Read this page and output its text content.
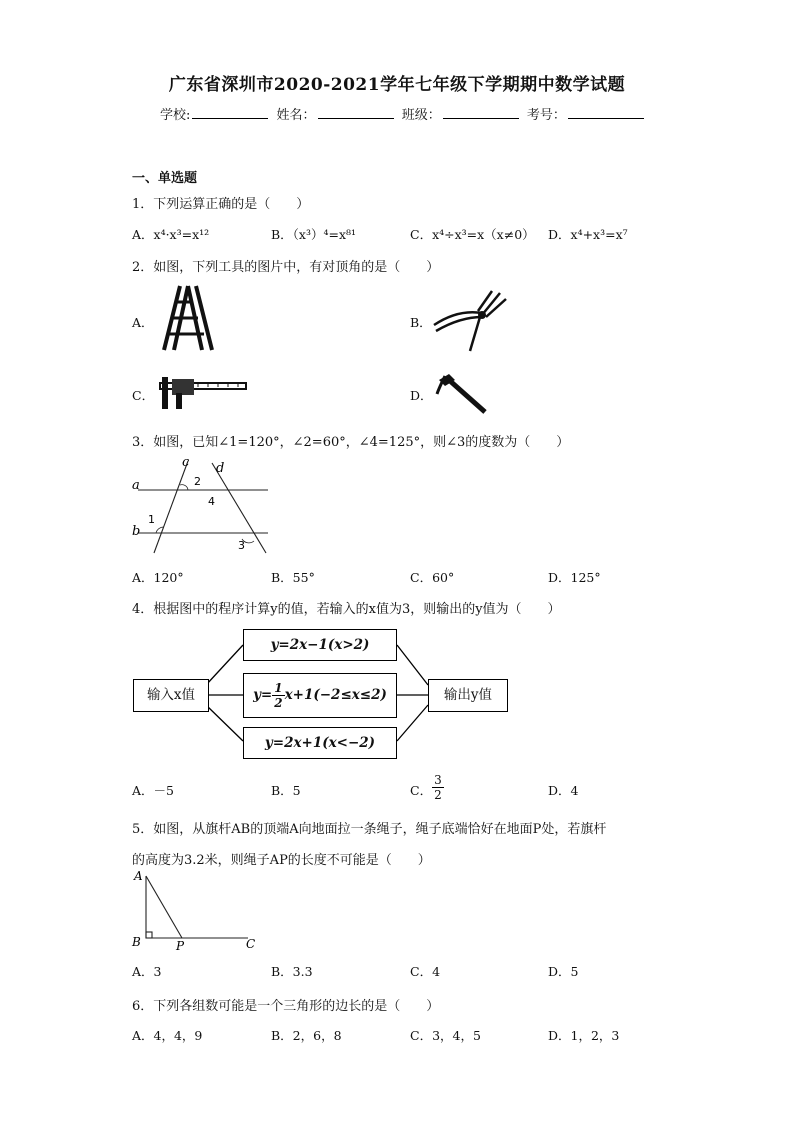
广东省深圳市2020-2021学年七年级下学期期中数学试题
学校:	姓名：	班级：	考号：
一、单选题
1．下列运算正确的是（　　）
A．x⁴·x³=x¹²	B．（x³）⁴=x⁸¹	C．x⁴÷x³=x（x≠0） D．x⁴+x³=x⁷
2．如图，下列工具的图片中，有对顶角的是（　　）
A．	B．
C．	D．
3．如图，已知∠1=120°，∠2=60°，∠4=125°，则∠3的度数为（　　）
a
b
c d
1
2
3
4
A．120°	B．55°	C．60°	D．125°
4．根据图中的程序计算y的值，若输入的x值为3，则输出的y值为（　　）
输入x值
y=2x−1(x>2)
$y= \frac{1}{2} x+1(-2\le x\le 2)$
y=2x+1(x<−2)
输出y值
A．－5	B．5	C． $\frac{3}{2}$	D．4
5．如图，从旗杆AB的顶端A向地面拉一条绳子，绳子底端恰好在地面P处，若旗杆
的高度为3.2米，则绳子AP的长度不可能是（　　）
A
B	P	C
A．3	B．3.3	C．4	D．5
6．下列各组数可能是一个三角形的边长的是（　　）
A．4，4，9	B．2，6，8	C．3，4，5	D．1，2，3
